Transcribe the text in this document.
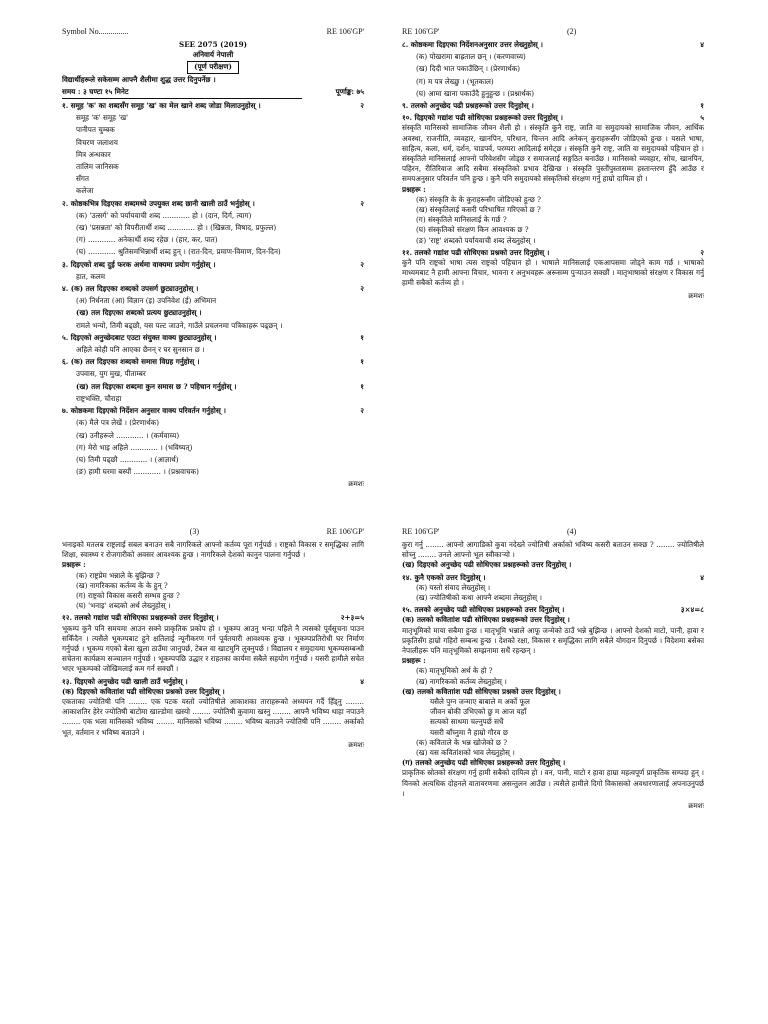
Symbol No...............	RE 106'GP'
SEE 2075 (2019)
अनिवार्य नेपाली
(पूर्ण परीक्षण)
विद्यार्थीहरूले सकेसम्म आफ्नै शैलीमा शुद्ध उत्तर दिनुपर्नेछ ।
समय : ३ घण्टा १५ मिनेट	पूर्णाङ्क: ७५
१. समूह 'क' का शब्दसँग समूह 'ख' का मेल खाने शब्द जोडा मिलाउनुहोस् ।	२
समूह 'क' समूह 'ख'
पानीपत चुम्बक
विचरण जलाशय
मित्र अन्धकार
तालिम जानिसक
सँगत
कलेजा
२. कोष्ठकभित्र दिइएका शब्दमध्ये उपयुक्त शब्द छानी खाली ठाउँ भर्नुहोस् ।	२
(क) 'उत्सर्ग' को पर्यायवाची शब्द ............ हो । (दान, दिर्ग, त्याग)
(ख) 'प्रसन्नता' को विपरीतार्थी शब्द ............ हो । (खिन्नता, विषाद, प्रफुल्ल)
(ग) ............ अनेकार्थी शब्द रहेछ । (हार, कर, पात)
(घ) ............ श्रुतिसमभिन्नार्थी शब्द हुन् । (रात-दिन, प्रमाण-विमाण, दिन-दिन)
३. दिइएको शब्द दुई फरक अर्थमा वाक्यमा प्रयोग गर्नुहोस् ।	२
हात, कलम
४. (क) तल दिइएका शब्दको उपसर्ग छुट्याउनुहोस् ।	२
(अ) निर्धनता (आ) विज्ञान (इ) उपनिवेश (ई) अभिमान
(ख) तल दिइएका शब्दको प्रत्यय छुट्याउनुहोस् ।
रामले भन्यो, तिमी बढ्छौ, यस पल्ट जाउने, गाउँले प्रचलनमा पत्रिकाहरू पढ्छन् ।
५. दिइएको अनुच्छेदबाट एउटा संयुक्त वाक्य छुट्याउनुहोस् ।	१
अहिले कोही पनि आएका छैनन् र घर सुनसान छ ।
६. (क) तल दिइएका शब्दको समास विग्रह गर्नुहोस् ।	१
उपवास, युग मुख, पीताम्बर
(ख) तल दिइएका शब्दमा कुन समास छ ? पहिचान गर्नुहोस् ।	१
राष्ट्रभक्ति, चौराहा
७. कोष्ठकमा दिइएको निर्देशन अनुसार वाक्य परिवर्तन गर्नुहोस् ।	२
(क) मैले पत्र लेखें । (प्रेरणार्थक)
(ख) उनीहरूले ............ । (कर्मवाच्य)
(ग) मेरो भाइ अहिले ............ । (भविष्यत्)
(घ) तिमी पढ्छौ ............ । (आज्ञार्थ)
(ङ) हामी घरमा बस्यौं ............ । (प्रश्नवाचक)
क्रमशः
RE 106'GP'	(2)
८. कोष्ठकमा दिइएका निर्देशनअनुसार उत्तर लेख्नुहोस् ।	४
(क) पोखरामा बाह्रताल छन् । (करणवाच्य)
(ख) दिदी भात पकाउँछिन् । (प्रेरणार्थक)
(ग) म पत्र लेख्छु । (भूतकाल)
(घ) आमा खाना पकाउँदै हुनुहुन्छ । (प्रश्नार्थक)
९. तलको अनुच्छेद पढी प्रश्नहरूको उत्तर दिनुहोस् ।	१
१०. दिइएको गद्यांश पढी सोधिएका प्रश्नहरूको उत्तर दिनुहोस् ।	५
संस्कृति मानिसको सामाजिक जीवन शैली हो । संस्कृति कुनै राष्ट्र, जाति वा समुदायको सामाजिक जीवन, आर्थिक अवस्था, राजनीति, व्यवहार, खानपिन, परिधान, चिन्तन आदि अनेकन् कुराहरूसँग जोडिएको हुन्छ । यसले भाषा, साहित्य, कला, धर्म, दर्शन, चाडपर्व, परम्परा आदिलाई समेट्छ । संस्कृति कुनै राष्ट्र, जाति वा समुदायको पहिचान हो । संस्कृतिले मानिसलाई आफ्नो परिवेशसँग जोड्छ र समाजलाई सङ्गठित बनाउँछ । मानिसको व्यवहार, सोच, खानपिन, पहिरन, रीतिरिवाज आदि सबैमा संस्कृतिको प्रभाव देखिन्छ । संस्कृति पुस्तौंपुस्तासम्म हस्तान्तरण हुँदै आउँछ र समयअनुसार परिवर्तन पनि हुन्छ । कुनै पनि समुदायको संस्कृतिको संरक्षण गर्नु हाम्रो दायित्व हो ।
प्रश्नहरू :
(क) संस्कृति के के कुराहरूसँग जोडिएको हुन्छ ?
(ख) संस्कृतिलाई कसरी परिभाषित गरिएको छ ?
(ग) संस्कृतिले मानिसलाई के गर्छ ?
(घ) संस्कृतिको संरक्षण किन आवश्यक छ ?
(ङ) 'राष्ट्र' शब्दको पर्यायवाची शब्द लेख्नुहोस् ।
११. तलको गद्यांश पढी सोधिएका प्रश्नको उत्तर दिनुहोस् ।	२
कुनै पनि राष्ट्रको भाषा त्यस राष्ट्रको पहिचान हो । भाषाले मानिसलाई एकआपसमा जोड्ने काम गर्छ । भाषाको माध्यमबाट नै हामी आफ्ना विचार, भावना र अनुभवहरू अरूसम्म पुर्‍याउन सक्छौं । मातृभाषाको संरक्षण र विकास गर्नु हामी सबैको कर्तव्य हो ।
क्रमशः
(3)	RE 106'GP'
भनाइको मतलब राष्ट्रलाई सबल बनाउन सबै नागरिकले आफ्नो कर्तव्य पूरा गर्नुपर्छ । राष्ट्रको विकास र समृद्धिका लागि शिक्षा, स्वास्थ्य र रोजगारीको अवसर आवश्यक हुन्छ । नागरिकले देशको कानुन पालना गर्नुपर्छ ।
प्रश्नहरू :
(क) राष्ट्रप्रेम भन्नाले के बुझिन्छ ?
(ख) नागरिकका कर्तव्य के के हुन् ?
(ग) राष्ट्रको विकास कसरी सम्भव हुन्छ ?
(घ) 'भनाइ' शब्दको अर्थ लेख्नुहोस् ।
१२. तलको गद्यांश पढी सोधिएका प्रश्नहरूको उत्तर दिनुहोस् ।	२+३=५
भूकम्प कुनै पनि समयमा आउन सक्ने प्राकृतिक प्रकोप हो । भूकम्प आउनु भन्दा पहिले नै त्यसको पूर्वसूचना पाउन सकिँदैन । त्यसैले भूकम्पबाट हुने क्षतिलाई न्यूनीकरण गर्न पूर्वतयारी आवश्यक हुन्छ । भूकम्पप्रतिरोधी घर निर्माण गर्नुपर्छ । भूकम्प गएको बेला खुला ठाउँमा जानुपर्छ, टेबल वा खाटमुनि लुक्नुपर्छ । विद्यालय र समुदायमा भूकम्पसम्बन्धी सचेतना कार्यक्रम सञ्चालन गर्नुपर्छ । भूकम्पपछि उद्धार र राहतका कार्यमा सबैले सहयोग गर्नुपर्छ । यसरी हामीले सचेत भएर भूकम्पको जोखिमलाई कम गर्न सक्छौं ।
१३. दिइएको अनुच्छेद पढी खाली ठाउँ भर्नुहोस् ।	४
(क) दिइएको कविताांश पढी सोधिएका प्रश्नको उत्तर दिनुहोस् ।
एकताका ज्योतिषी पनि ........ एक पटक यस्तो ज्योतिषीले आकाशका ताराहरूको अध्ययन गर्दै हिँड्नु ........ आकाशतिर हेरेर ज्योतिषी बाटोमा खाल्डोमा खस्यो ........ ज्योतिषी कुवामा खस्नु ........ आफ्नै भविष्य थाहा नपाउने ........ एक भला मानिसको भविष्य ........ मानिसको भविष्य ........ भविष्य बताउने ज्योतिषी पनि ........ अर्काको भूत, वर्तमान र भविष्य बताउने ।
क्रमशः
RE 106'GP'	(4)
कुरा गर्नु ........ आफ्नो आगाडिको कुवा नदेख्ने ज्योतिषी अर्काको भविष्य कसरी बताउन सक्छ ? ........ ज्योतिषीले सोच्नु ........ उनले आफ्नो भूल स्वीकार्‍यो ।
(ख) दिइएको अनुच्छेद पढी सोधिएका प्रश्नहरूको उत्तर दिनुहोस् ।
१४. कुनै एकको उत्तर दिनुहोस् ।	४
(क) यस्तो संवाद लेख्नुहोस् ।
(ख) ज्योतिषीको कथा आफ्नै शब्दमा लेख्नुहोस् ।
१५. तलको अनुच्छेद पढी सोधिएका प्रश्नहरूको उत्तर दिनुहोस् ।	३×४=८
(क) तलको कविताांश पढी सोधिएका प्रश्नहरूको उत्तर दिनुहोस् ।
मातृभूमिको माया सबैमा हुन्छ । मातृभूमि भन्नाले आफू जन्मेको ठाउँ भन्ने बुझिन्छ । आफ्नो देशको माटो, पानी, हावा र प्रकृतिसँग हाम्रो गहिरो सम्बन्ध हुन्छ । देशको रक्षा, विकास र समृद्धिका लागि सबैले योगदान दिनुपर्छ । विदेशमा बसेका नेपालीहरू पनि मातृभूमिको सम्झनामा सधैं रहन्छन् ।
प्रश्नहरू :
(क) मातृभूमिको अर्थ के हो ?
(ख) नागरिकको कर्तव्य लेख्नुहोस् ।
(ख) तलको कविताांश पढी सोधिएका प्रश्नको उत्तर दिनुहोस् ।
यसैले पुग्न जन्माए बाबाले म अर्को फूल
जीवन बोकी उभिएको छु म आज यहाँ
सत्यको साथमा चल्नुपर्छ सधैं
यसरी बाँच्नुमा नै हाम्रो गौरव छ
(क) कविताले के भन्न खोजेको छ ?
(ख) यस कवितांशको भाव लेख्नुहोस् ।
(ग) तलको अनुच्छेद पढी सोधिएका प्रश्नहरूको उत्तर दिनुहोस् ।
प्राकृतिक स्रोतको संरक्षण गर्नु हामी सबैको दायित्व हो । वन, पानी, माटो र हावा हाम्रा महत्वपूर्ण प्राकृतिक सम्पदा हुन् । यिनको अत्यधिक दोहनले वातावरणमा असन्तुलन आउँछ । त्यसैले हामीले दिगो विकासको अवधारणालाई अपनाउनुपर्छ ।
क्रमशः
